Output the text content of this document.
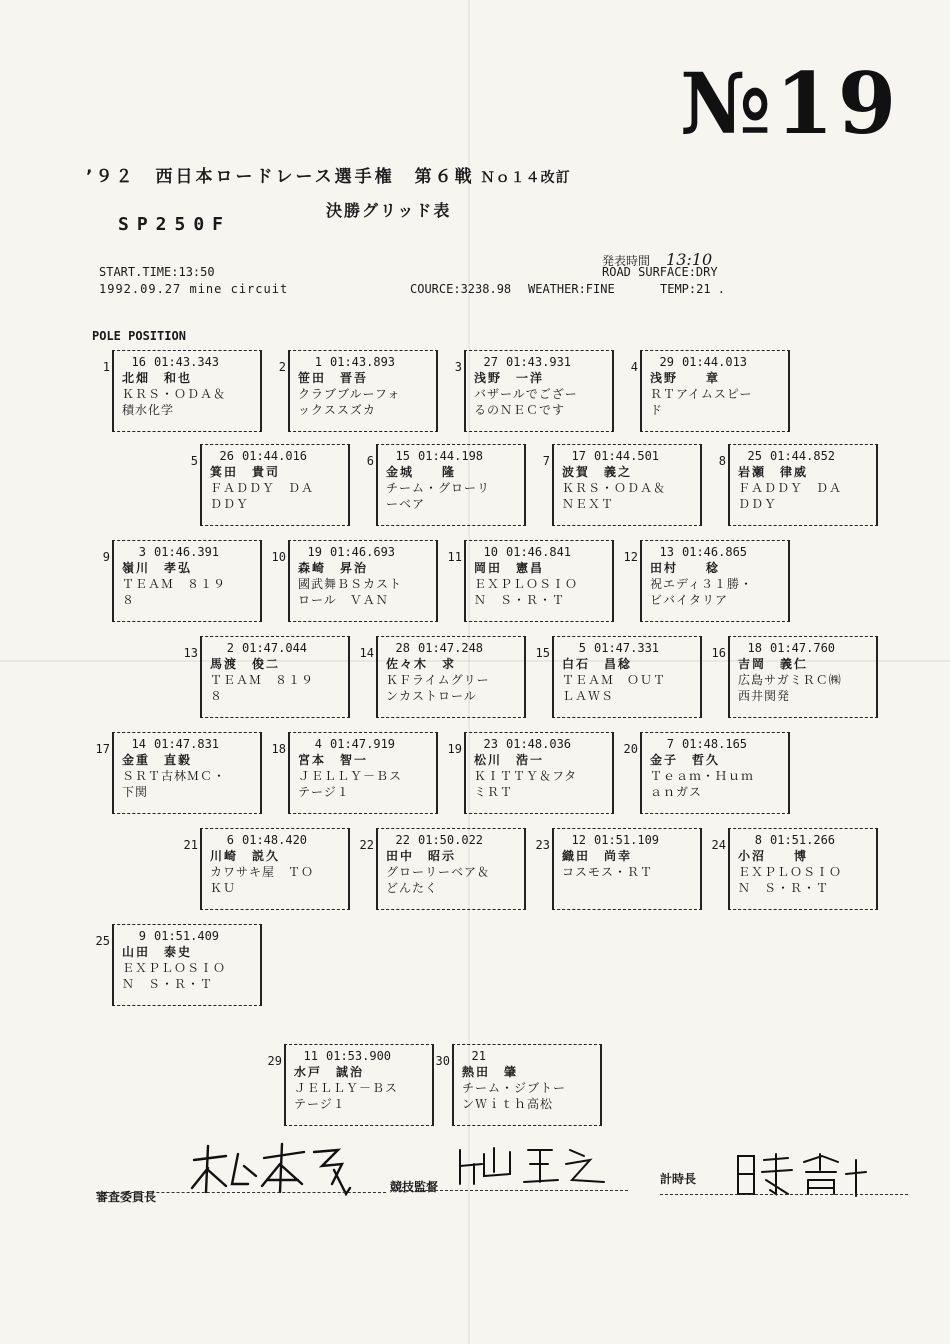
№19
’９２　西日本ロードレース選手権　第６戦 Ｎｏ１４改訂
決勝グリッド表
SP250F
発表時間 13:10
START.TIME:13:50	ROAD SURFACE:DRY
1992.09.27 mine circuit	COURCE:3238.98 WEATHER:FINE	TEMP:21 .
POLE POSITION
1	16 01:43.343
北畑　和也
ＫＲＳ・ＯＤＡ＆
積水化学
2	1 01:43.893
笹田　晋吾
クラブブルーフォ
ックススズカ
3	27 01:43.931
浅野　一洋
バザールでござー
るのＮＥＣです
4	29 01:44.013
浅野　　章
ＲＴアイムスピー
ド
5	26 01:44.016
箕田　貴司
ＦＡＤＤＹ　ＤＡ
ＤＤＹ
6	15 01:44.198
金城　　隆
チーム・グローリ
ーベア
7	17 01:44.501
波賀　義之
ＫＲＳ・ＯＤＡ＆
ＮＥＸＴ
8	25 01:44.852
岩瀬　律威
ＦＡＤＤＹ　ＤＡ
ＤＤＹ
9	3 01:46.391
嶺川　孝弘
ＴＥＡＭ　８１９
８
10	19 01:46.693
森崎　昇治
國武舞ＢＳカスト
ロール　ＶＡＮ
11	10 01:46.841
岡田　憲昌
ＥＸＰＬＯＳＩＯ
Ｎ　Ｓ・Ｒ・Ｔ
12	13 01:46.865
田村　　稔
祝エディ３１勝・
ビバイタリア
13	2 01:47.044
馬渡　俊二
ＴＥＡＭ　８１９
８
14	28 01:47.248
佐々木　求
ＫＦライムグリー
ンカストロール
15	5 01:47.331
白石　昌稔
ＴＥＡＭ　ＯＵＴ
ＬＡＷＳ
16	18 01:47.760
吉岡　義仁
広島サガミＲＣ㈱
西井関発
17	14 01:47.831
金重　直毅
ＳＲＴ古林ＭＣ・
下関
18	4 01:47.919
宮本　智一
ＪＥＬＬＹ－Ｂス
テージ１
19	23 01:48.036
松川　浩一
ＫＩＴＴＹ＆フタ
ミＲＴ
20	7 01:48.165
金子　哲久
Ｔｅａｍ・Ｈｕｍ
ａｎガス
21	6 01:48.420
川崎　説久
カワサキ屋　ＴＯ
ＫＵ
22	22 01:50.022
田中　昭示
グローリーベア＆
どんたく
23	12 01:51.109
織田　尚幸
コスモス・ＲＴ
24	8 01:51.266
小沼　　博
ＥＸＰＬＯＳＩＯ
Ｎ　Ｓ・Ｒ・Ｔ
25	9 01:51.409
山田　泰史
ＥＸＰＬＯＳＩＯ
Ｎ　Ｓ・Ｒ・Ｔ
29	11 01:53.900
水戸　誠治
ＪＥＬＬＹ－Ｂス
テージ１
30	21
熱田　肇
チーム・ジブトー
ンＷｉｔｈ高松
審査委員長
競技監督
計時長
